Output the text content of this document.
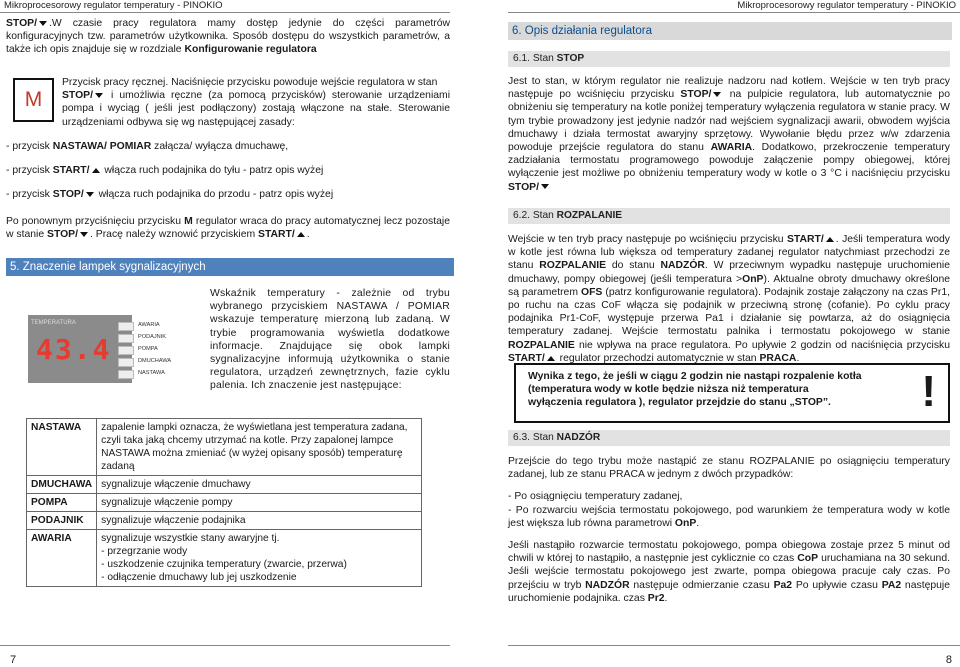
Mikroprocesorowy regulator temperatury - PINOKIO	Mikroprocesorowy regulator temperatury - PINOKIO

STOP/ .W czasie pracy regulatora mamy dostęp jedynie do części parametrów konfiguracyjnych tzw. parametrów użytkownika. Sposób dostępu do wszystkich parametrów, a także ich opis znajduje się w rozdziale Konfigurowanie regulatora

M

Przycisk pracy ręcznej. Naciśnięcie przycisku powoduje wejście regulatora w stan

STOP/ i umożliwia ręczne (za pomocą przycisków) sterowanie urządzeniami pompa i wyciąg ( jeśli jest podłączony) zostają włączone na stałe. Sterowanie urządzeniami odbywa się wg następującej zasady:

- przycisk NASTAWA/ POMIAR załącza/ wyłącza dmuchawę,

- przycisk START/ włącza ruch podajnika do tyłu - patrz opis wyżej

- przycisk STOP/ włącza ruch podajnika do przodu - patrz opis wyżej

Po ponownym przyciśnięciu przycisku M regulator wraca do pracy automatycznej lecz pozostaje w stanie STOP/ . Pracę należy wznowić przyciskiem START/ .

5. Znaczenie lampek sygnalizacyjnych
TEMPERATURA
43.4
AWARIA
PODAJNIK
POMPA
DMUCHAWA
NASTAWA
Wskaźnik temperatury - zależnie od trybu wybranego przyciskiem NASTAWA / POMIAR wskazuje temperaturę mierzoną lub zadaną. W trybie programowania wyświetla dodatkowe informacje. Znajdujące się obok lampki sygnalizacyjne informują użytkownika o stanie regulatora, urządzeń zewnętrznych, fazie cyklu palenia. Ich znaczenie jest następujące:
NASTAWA	zapalenie lampki oznacza, że wyświetlana jest temperatura zadana, czyli taka jaką chcemy utrzymać na kotle. Przy zapalonej lampce NASTAWA można zmieniać (w wyżej opisany sposób) temperaturę zadaną
DMUCHAWA	sygnalizuje włączenie dmuchawy
POMPA	sygnalizuje włączenie pompy
PODAJNIK	sygnalizuje włączenie podajnika
AWARIA	sygnalizuje wszystkie stany awaryjne tj.
- przegrzanie wody
- uszkodzenie czujnika temperatury (zwarcie, przerwa)
- odłączenie dmuchawy lub jej uszkodzenie
6. Opis działania regulatora
6.1. Stan STOP

Jest to stan, w którym regulator nie realizuje nadzoru nad kotłem. Wejście w ten tryb pracy następuje po wciśnięciu przycisku STOP/ na pulpicie regulatora, lub automatycznie po obniżeniu się temperatury na kotle poniżej temperatury wyłączenia regulatora w stanie pracy. W tym trybie prowadzony jest jedynie nadzór nad wejściem sygnalizacji awarii, obwodem wyjścia dmuchawy i działa termostat awaryjny sprzętowy. Wywołanie błędu przez w/w zdarzenia powoduje przejście regulatora do stanu AWARIA. Dodatkowo, przekroczenie temperatury zadziałania termostatu programowego powoduje załączenie pompy obiegowej, której wyłączenie jest możliwe po obniżeniu temperatury wody w kotle o 3 °C i naciśnięciu przycisku STOP/

6.2. Stan ROZPALANIE

Wejście w ten tryb pracy następuje po wciśnięciu przycisku START/ . Jeśli temperatura wody w kotle jest równa lub większa od temperatury zadanej regulator natychmiast przechodzi ze stanu ROZPALANIE do stanu NADZÓR. W przeciwnym wypadku następuje uruchomienie dmuchawy, pompy obiegowej (jeśli temperatura >OnP). Aktualne obroty dmuchawy określone są parametrem OFS (patrz konfigurowanie regulatora). Podajnik zostaje załączony na czas Pr1, po ruchu na czas CoF włącza się podajnik w przeciwną stronę (cofanie). Po cyklu pracy podajnika Pr1-CoF, występuje przerwa Pa1 i działanie się powtarza, aż do osiągnięcia temperatury zadanej. Wejście termostatu palnika i termostatu pokojowego w stanie ROZPALANIE nie wpływa na prace regulatora. Po upływie 2 godzin od naciśnięcia przycisku START/ regulator przechodzi automatycznie w stan PRACA.

Wynika z tego, że jeśli w ciągu 2 godzin nie nastąpi rozpalenie kotła (temperatura wody w kotle będzie niższa niż temperatura wyłączenia regulatora ), regulator przejdzie do stanu „STOP”.	!
6.3. Stan NADZÓR

Przejście do tego trybu może nastąpić ze stanu ROZPALANIE po osiągnięciu temperatury zadanej, lub ze stanu PRACA w jednym z dwóch przypadków:

- Po osiągnięciu temperatury zadanej,

- Po rozwarciu wejścia termostatu pokojowego, pod warunkiem że temperatura wody w kotle jest większa lub równa parametrowi OnP.

Jeśli nastąpiło rozwarcie termostatu pokojowego, pompa obiegowa zostaje przez 5 minut od chwili w której to nastąpiło, a następnie jest cyklicznie co czas CoP uruchamiana na 30 sekund. Jeśli wejście termostatu pokojowego jest zwarte, pompa obiegowa pracuje cały czas. Po przejściu w tryb NADZÓR następuje odmierzanie czasu Pa2 Po upływie czasu PA2 następuje uruchomienie podajnika. czas Pr2.

7	8
